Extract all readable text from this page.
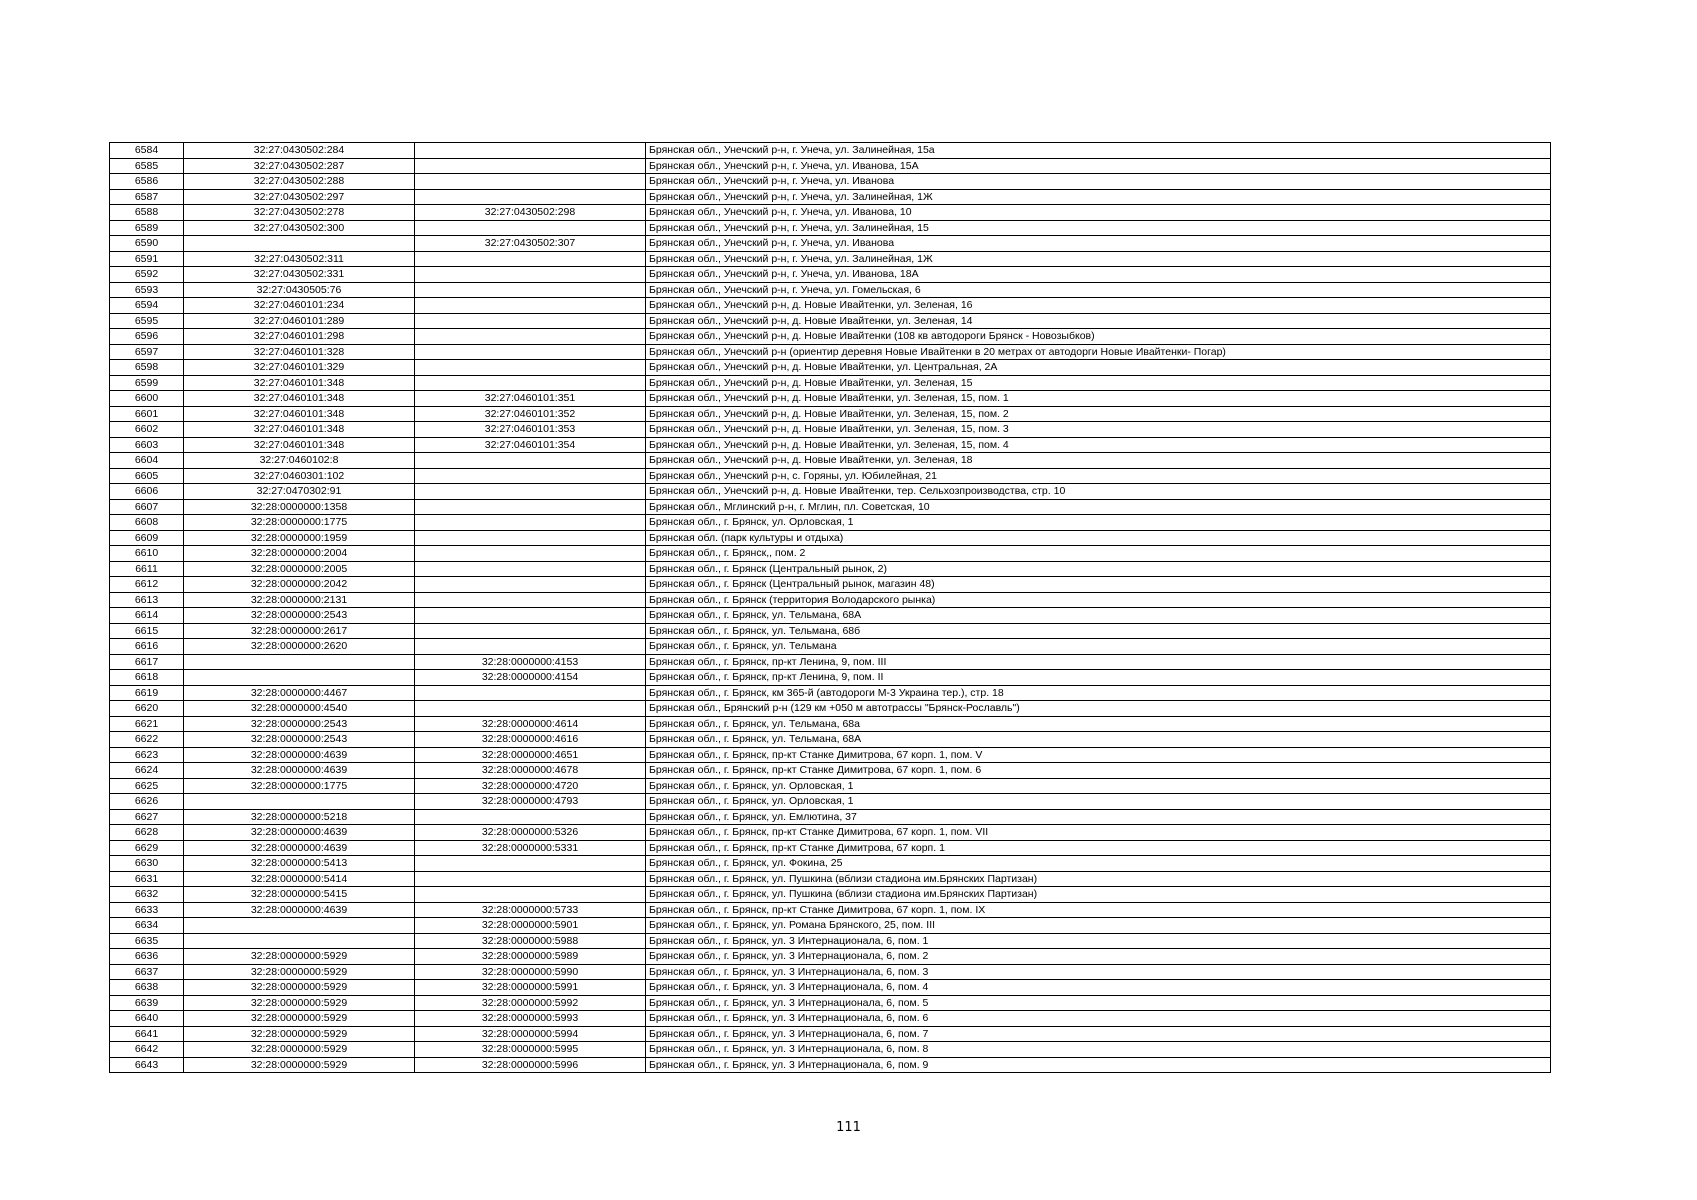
6584	32:27:0430502:284		Брянская обл., Унечский р-н, г. Унеча, ул. Залинейная, 15а
6585	32:27:0430502:287		Брянская обл., Унечский р-н, г. Унеча, ул. Иванова, 15А
6586	32:27:0430502:288		Брянская обл., Унечский р-н, г. Унеча, ул. Иванова
6587	32:27:0430502:297		Брянская обл., Унечский р-н, г. Унеча, ул. Залинейная, 1Ж
6588	32:27:0430502:278	32:27:0430502:298	Брянская обл., Унечский р-н, г. Унеча, ул. Иванова, 10
6589	32:27:0430502:300		Брянская обл., Унечский р-н, г. Унеча, ул. Залинейная, 15
6590		32:27:0430502:307	Брянская обл., Унечский р-н, г. Унеча, ул. Иванова
6591	32:27:0430502:311		Брянская обл., Унечский р-н, г. Унеча, ул. Залинейная, 1Ж
6592	32:27:0430502:331		Брянская обл., Унечский р-н, г. Унеча, ул. Иванова, 18А
6593	32:27:0430505:76		Брянская обл., Унечский р-н, г. Унеча, ул. Гомельская, 6
6594	32:27:0460101:234		Брянская обл., Унечский р-н, д. Новые Ивайтенки, ул. Зеленая, 16
6595	32:27:0460101:289		Брянская обл., Унечский р-н, д. Новые Ивайтенки, ул. Зеленая, 14
6596	32:27:0460101:298		Брянская обл., Унечский р-н, д. Новые Ивайтенки (108 кв автодороги Брянск - Новозыбков)
6597	32:27:0460101:328		Брянская обл., Унечский р-н (ориентир деревня Новые Ивайтенки в 20 метрах от автодорги Новые Ивайтенки- Погар)
6598	32:27:0460101:329		Брянская обл., Унечский р-н, д. Новые Ивайтенки, ул. Центральная, 2А
6599	32:27:0460101:348		Брянская обл., Унечский р-н, д. Новые Ивайтенки, ул. Зеленая, 15
6600	32:27:0460101:348	32:27:0460101:351	Брянская обл., Унечский р-н, д. Новые Ивайтенки, ул. Зеленая, 15, пом. 1
6601	32:27:0460101:348	32:27:0460101:352	Брянская обл., Унечский р-н, д. Новые Ивайтенки, ул. Зеленая, 15, пом. 2
6602	32:27:0460101:348	32:27:0460101:353	Брянская обл., Унечский р-н, д. Новые Ивайтенки, ул. Зеленая, 15, пом. 3
6603	32:27:0460101:348	32:27:0460101:354	Брянская обл., Унечский р-н, д. Новые Ивайтенки, ул. Зеленая, 15, пом. 4
6604	32:27:0460102:8		Брянская обл., Унечский р-н, д. Новые Ивайтенки, ул. Зеленая, 18
6605	32:27:0460301:102		Брянская обл., Унечский р-н, с. Горяны, ул. Юбилейная, 21
6606	32:27:0470302:91		Брянская обл., Унечский р-н, д. Новые Ивайтенки, тер. Сельхозпроизводства, стр. 10
6607	32:28:0000000:1358		Брянская обл., Мглинский р-н, г. Мглин, пл. Советская, 10
6608	32:28:0000000:1775		Брянская обл., г. Брянск, ул. Орловская, 1
6609	32:28:0000000:1959		Брянская обл. (парк культуры и отдыха)
6610	32:28:0000000:2004		Брянская обл., г. Брянск,, пом. 2
6611	32:28:0000000:2005		Брянская обл., г. Брянск (Центральный рынок, 2)
6612	32:28:0000000:2042		Брянская обл., г. Брянск (Центральный рынок, магазин 48)
6613	32:28:0000000:2131		Брянская обл., г. Брянск (территория Володарского рынка)
6614	32:28:0000000:2543		Брянская обл., г. Брянск, ул. Тельмана, 68А
6615	32:28:0000000:2617		Брянская обл., г. Брянск, ул. Тельмана, 68б
6616	32:28:0000000:2620		Брянская обл., г. Брянск, ул. Тельмана
6617		32:28:0000000:4153	Брянская обл., г. Брянск, пр-кт Ленина, 9, пом. III
6618		32:28:0000000:4154	Брянская обл., г. Брянск, пр-кт Ленина, 9, пом. II
6619	32:28:0000000:4467		Брянская обл., г. Брянск, км 365-й (автодороги М-3 Украина тер.), стр. 18
6620	32:28:0000000:4540		Брянская обл., Брянский р-н (129 км +050 м автотрассы "Брянск-Рославль")
6621	32:28:0000000:2543	32:28:0000000:4614	Брянская обл., г. Брянск, ул. Тельмана, 68а
6622	32:28:0000000:2543	32:28:0000000:4616	Брянская обл., г. Брянск, ул. Тельмана, 68А
6623	32:28:0000000:4639	32:28:0000000:4651	Брянская обл., г. Брянск, пр-кт Станке Димитрова, 67 корп. 1, пом. V
6624	32:28:0000000:4639	32:28:0000000:4678	Брянская обл., г. Брянск, пр-кт Станке Димитрова, 67 корп. 1, пом. 6
6625	32:28:0000000:1775	32:28:0000000:4720	Брянская обл., г. Брянск, ул. Орловская, 1
6626		32:28:0000000:4793	Брянская обл., г. Брянск, ул. Орловская, 1
6627	32:28:0000000:5218		Брянская обл., г. Брянск, ул. Емлютина, 37
6628	32:28:0000000:4639	32:28:0000000:5326	Брянская обл., г. Брянск, пр-кт Станке Димитрова, 67 корп. 1, пом. VII
6629	32:28:0000000:4639	32:28:0000000:5331	Брянская обл., г. Брянск, пр-кт Станке Димитрова, 67 корп. 1
6630	32:28:0000000:5413		Брянская обл., г. Брянск, ул. Фокина, 25
6631	32:28:0000000:5414		Брянская обл., г. Брянск, ул. Пушкина (вблизи стадиона им.Брянских Партизан)
6632	32:28:0000000:5415		Брянская обл., г. Брянск, ул. Пушкина (вблизи стадиона им.Брянских Партизан)
6633	32:28:0000000:4639	32:28:0000000:5733	Брянская обл., г. Брянск, пр-кт Станке Димитрова, 67 корп. 1, пом. IX
6634		32:28:0000000:5901	Брянская обл., г. Брянск, ул. Романа Брянского, 25, пом. III
6635		32:28:0000000:5988	Брянская обл., г. Брянск, ул. 3 Интернационала, 6, пом. 1
6636	32:28:0000000:5929	32:28:0000000:5989	Брянская обл., г. Брянск, ул. 3 Интернационала, 6, пом. 2
6637	32:28:0000000:5929	32:28:0000000:5990	Брянская обл., г. Брянск, ул. 3 Интернационала, 6, пом. 3
6638	32:28:0000000:5929	32:28:0000000:5991	Брянская обл., г. Брянск, ул. 3 Интернационала, 6, пом. 4
6639	32:28:0000000:5929	32:28:0000000:5992	Брянская обл., г. Брянск, ул. 3 Интернационала, 6, пом. 5
6640	32:28:0000000:5929	32:28:0000000:5993	Брянская обл., г. Брянск, ул. 3 Интернационала, 6, пом. 6
6641	32:28:0000000:5929	32:28:0000000:5994	Брянская обл., г. Брянск, ул. 3 Интернационала, 6, пом. 7
6642	32:28:0000000:5929	32:28:0000000:5995	Брянская обл., г. Брянск, ул. 3 Интернационала, 6, пом. 8
6643	32:28:0000000:5929	32:28:0000000:5996	Брянская обл., г. Брянск, ул. 3 Интернационала, 6, пом. 9
111
